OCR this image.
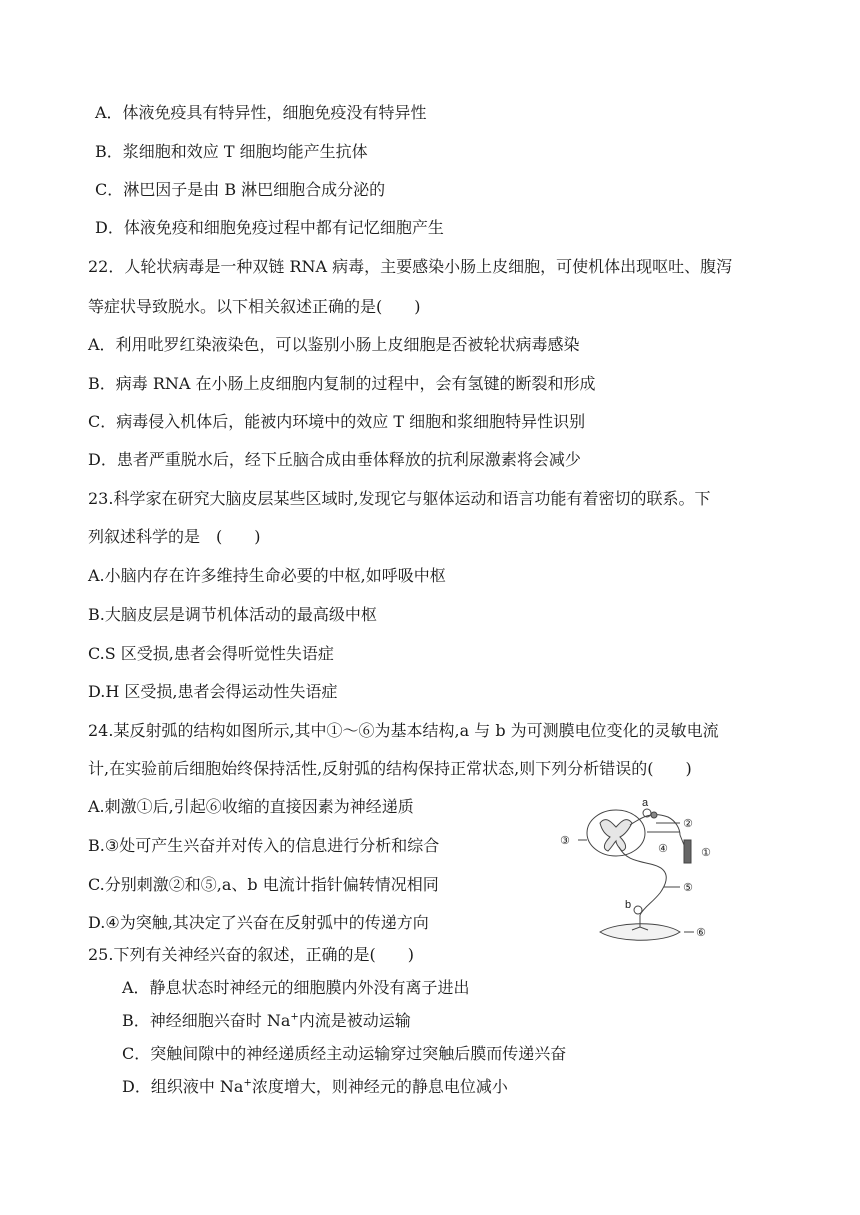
A．体液免疫具有特异性，细胞免疫没有特异性
B．浆细胞和效应 T 细胞均能产生抗体
C．淋巴因子是由 B 淋巴细胞合成分泌的
D．体液免疫和细胞免疫过程中都有记忆细胞产生
22．人轮状病毒是一种双链 RNA 病毒，主要感染小肠上皮细胞，可使机体出现呕吐、腹泻
等症状导致脱水。以下相关叙述正确的是(　　)
A．利用吡罗红染液染色，可以鉴别小肠上皮细胞是否被轮状病毒感染
B．病毒 RNA 在小肠上皮细胞内复制的过程中，会有氢键的断裂和形成
C．病毒侵入机体后，能被内环境中的效应 T 细胞和浆细胞特异性识别
D．患者严重脱水后，经下丘脑合成由垂体释放的抗利尿激素将会减少
23.科学家在研究大脑皮层某些区域时,发现它与躯体运动和语言功能有着密切的联系。下
列叙述科学的是　(　　)
A.小脑内存在许多维持生命必要的中枢,如呼吸中枢
B.大脑皮层是调节机体活动的最高级中枢
C.S 区受损,患者会得听觉性失语症
D.H 区受损,患者会得运动性失语症
24.某反射弧的结构如图所示,其中①～⑥为基本结构,a 与 b 为可测膜电位变化的灵敏电流
计,在实验前后细胞始终保持活性,反射弧的结构保持正常状态,则下列分析错误的(　　)
A.刺激①后,引起⑥收缩的直接因素为神经递质
B.③处可产生兴奋并对传入的信息进行分析和综合
C.分别刺激②和⑤,a、b 电流计指针偏转情况相同
D.④为突触,其决定了兴奋在反射弧中的传递方向
a
b
①
②
③
④
⑤
⑥
25.下列有关神经兴奋的叙述，正确的是(　　)
A．静息状态时神经元的细胞膜内外没有离子进出
B．神经细胞兴奋时 Na+内流是被动运输
C．突触间隙中的神经递质经主动运输穿过突触后膜而传递兴奋
D．组织液中 Na+浓度增大，则神经元的静息电位减小
